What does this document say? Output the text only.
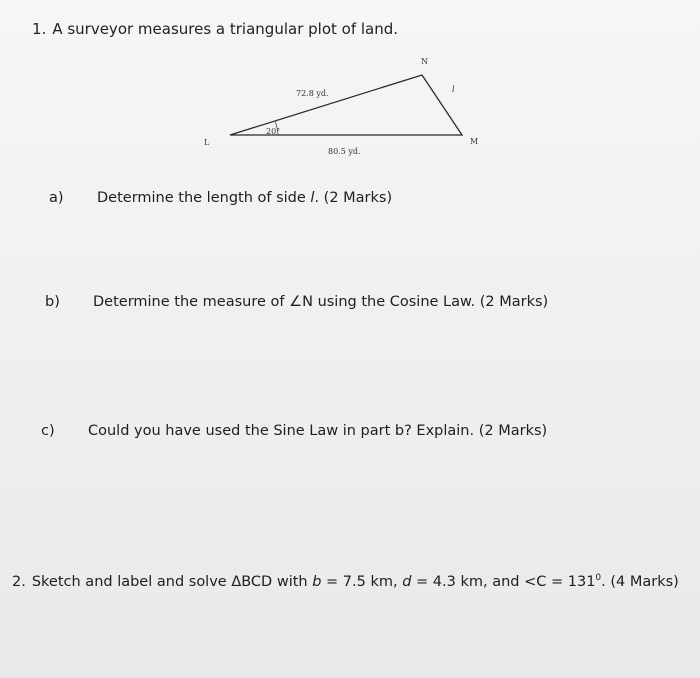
1. A surveyor measures a triangular plot of land.
N
L	M
72.8 yd.
80.5 yd.
l
20°
a) Determine the length of side l. (2 Marks)
b) Determine the measure of ∠N using the Cosine Law. (2 Marks)
c) Could you have used the Sine Law in part b? Explain. (2 Marks)
2. Sketch and label and solve ΔBCD with b = 7.5 km, d = 4.3 km, and $<C = 131^0$. (4 Marks)
